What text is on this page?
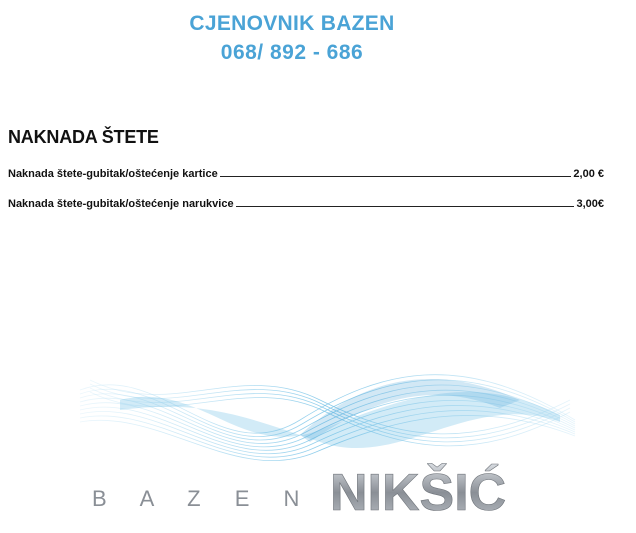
CJENOVNIK BAZEN
068/ 892 - 686
NAKNADA ŠTETE
Naknada štete-gubitak/oštećenje kartice	2,00 €
Naknada štete-gubitak/oštećenje narukvice	3,00€
B A Z E N NIKŠIĆ
